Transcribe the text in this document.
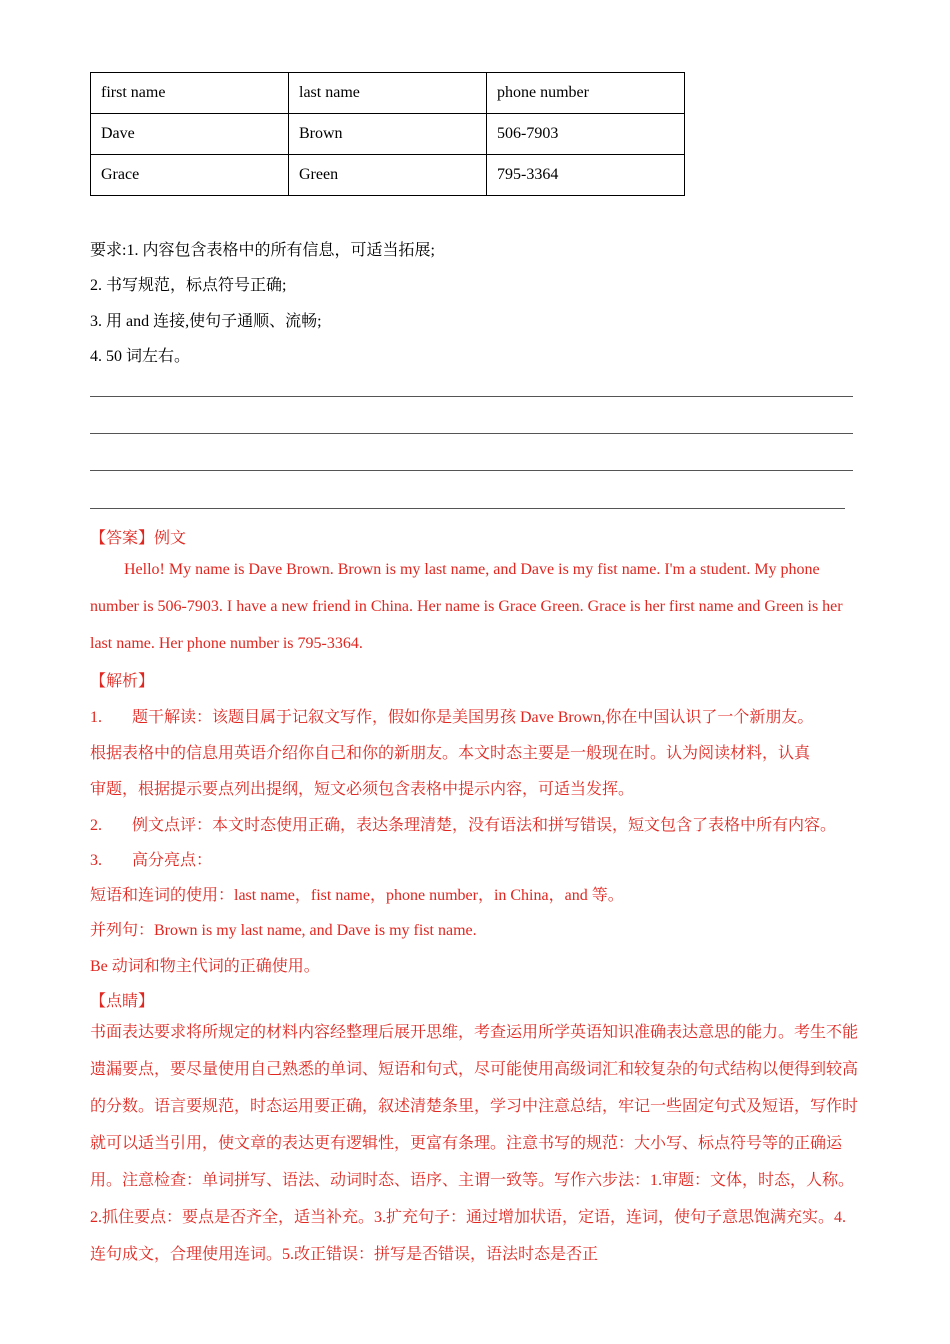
first name	last name	phone number
Dave	Brown	506-7903
Grace	Green	795-3364
要求:1. 内容包含表格中的所有信息，可适当拓展;
2. 书写规范，标点符号正确;
3. 用 and 连接,使句子通顺、流畅;
4. 50 词左右。
【答案】例文
Hello! My name is Dave Brown. Brown is my last name, and Dave is my fist name. I'm a student. My phone number is 506-7903. I have a new friend in China. Her name is Grace Green. Grace is her first name and Green is her last name. Her phone number is 795-3364.
【解析】
1. 题干解读：该题目属于记叙文写作，假如你是美国男孩 Dave Brown,你在中国认识了一个新朋友。
根据表格中的信息用英语介绍你自己和你的新朋友。本文时态主要是一般现在时。认为阅读材料，认真
审题，根据提示要点列出提纲，短文必须包含表格中提示内容，可适当发挥。
2. 例文点评：本文时态使用正确，表达条理清楚，没有语法和拼写错误，短文包含了表格中所有内容。
3. 高分亮点：
短语和连词的使用：last name，fist name，phone number，in China，and 等。
并列句：Brown is my last name, and Dave is my fist name.
Be 动词和物主代词的正确使用。
【点睛】
书面表达要求将所规定的材料内容经整理后展开思维，考查运用所学英语知识准确表达意思的能力。考生不能遗漏要点，要尽量使用自己熟悉的单词、短语和句式，尽可能使用高级词汇和较复杂的句式结构以便得到较高的分数。语言要规范，时态运用要正确，叙述清楚条里，学习中注意总结，牢记一些固定句式及短语，写作时就可以适当引用，使文章的表达更有逻辑性，更富有条理。注意书写的规范：大小写、标点符号等的正确运用。注意检查：单词拼写、语法、动词时态、语序、主谓一致等。写作六步法：1.审题：文体，时态，人称。2.抓住要点：要点是否齐全，适当补充。3.扩充句子：通过增加状语，定语，连词，使句子意思饱满充实。4.连句成文，合理使用连词。5.改正错误：拼写是否错误，语法时态是否正
